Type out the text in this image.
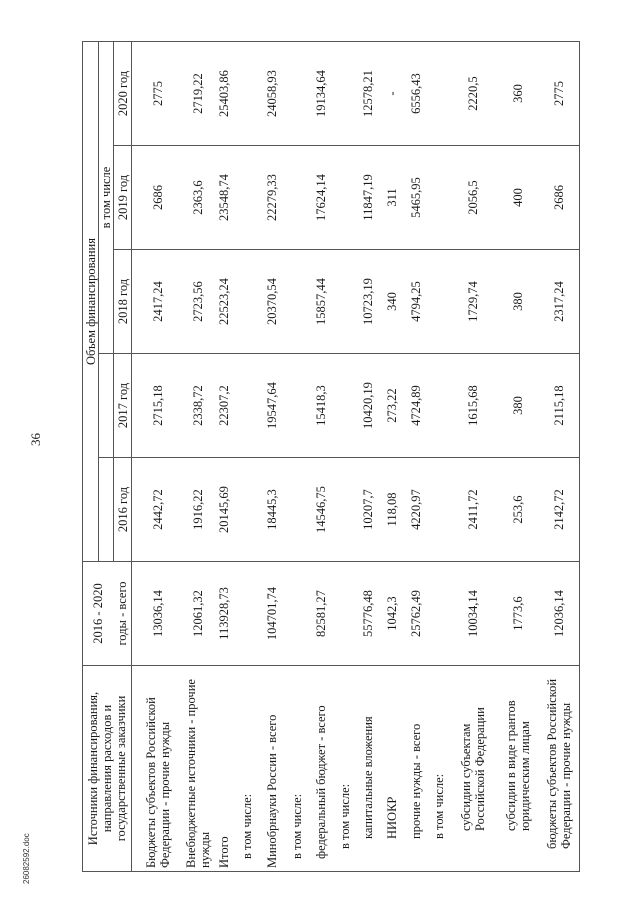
36
26082592.doc
Источники финансирования, направления расходов и государственные заказчики	2016 - 2020	Объем финансирования				
				в том числе		
	годы - всего	2016 год	2017 год	2018 год	2019 год	2020 год

Бюджеты субъектов Российской Федерации - прочие нужды	13036,14	2442,72	2715,18	2417,24	2686	2775
Внебюджетные источники - прочие нужды	12061,32	1916,22	2338,72	2723,56	2363,6	2719,22
Итого	113928,73	20145,69	22307,2	22523,24	23548,74	25403,86
в том числе:						
Минобрнауки России - всего	104701,74	18445,3	19547,64	20370,54	22279,33	24058,93
в том числе:						
федеральный бюджет - всего	82581,27	14546,75	15418,3	15857,44	17624,14	19134,64
в том числе:						
капитальные вложения	55776,48	10207,7	10420,19	10723,19	11847,19	12578,21
НИОКР	1042,3	118,08	273,22	340	311	-
прочие нужды - всего	25762,49	4220,97	4724,89	4794,25	5465,95	6556,43
в том числе:						
субсидии субъектам Российской Федерации	10034,14	2411,72	1615,68	1729,74	2056,5	2220,5
субсидии в виде грантов юридическим лицам	1773,6	253,6	380	380	400	360
бюджеты субъектов Российской Федерации - прочие нужды	12036,14	2142,72	2115,18	2317,24	2686	2775
